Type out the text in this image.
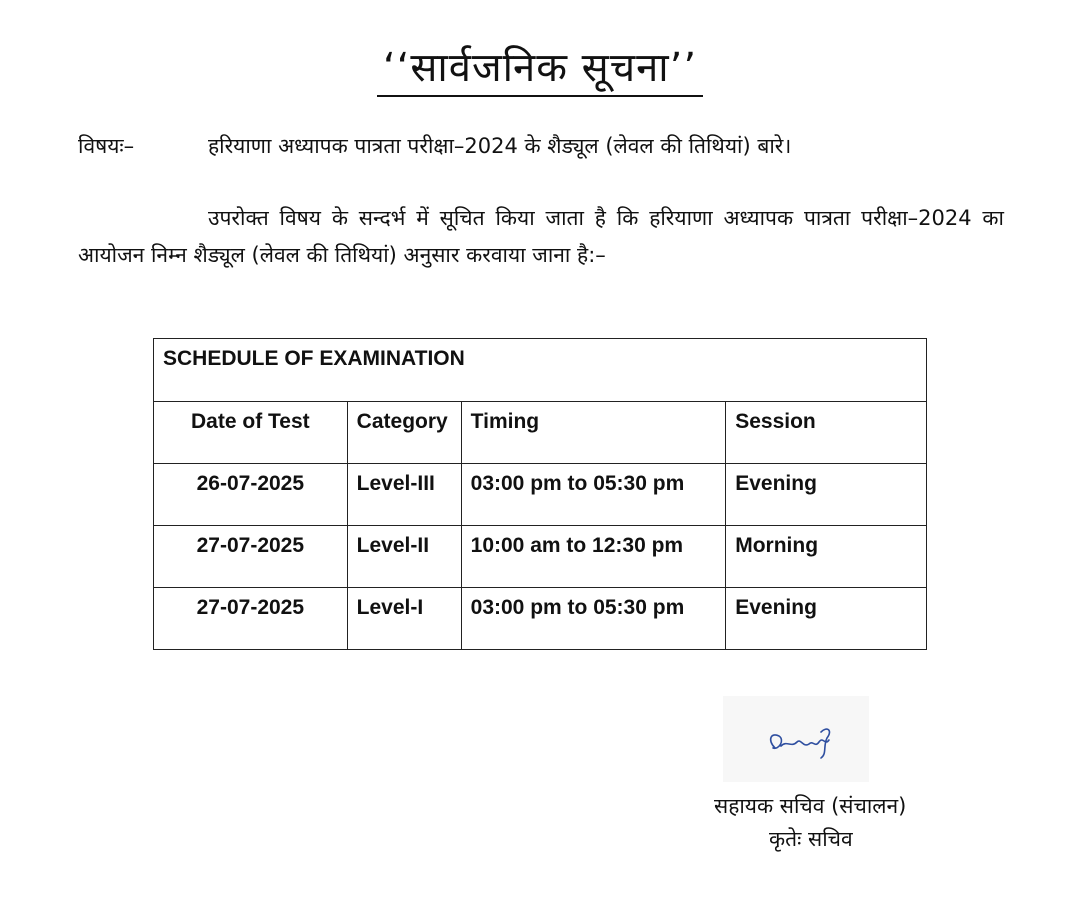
‘‘सार्वजनिक सूचना’’
विषयः–	हरियाणा अध्यापक पात्रता परीक्षा–2024 के शैड्यूल (लेवल की तिथियां) बारे।
उपरोक्त विषय के सन्दर्भ में सूचित किया जाता है कि हरियाणा अध्यापक पात्रता परीक्षा–2024 का आयोजन निम्न शैड्यूल (लेवल की तिथियां) अनुसार करवाया जाना है:–
SCHEDULE OF EXAMINATION			
Date of Test	Category	Timing	Session
26-07-2025	Level-III	03:00 pm to 05:30 pm	Evening
27-07-2025	Level-II	10:00 am to 12:30 pm	Morning
27-07-2025	Level-I	03:00 pm to 05:30 pm	Evening
सहायक सचिव (संचालन)
कृतेः सचिव
